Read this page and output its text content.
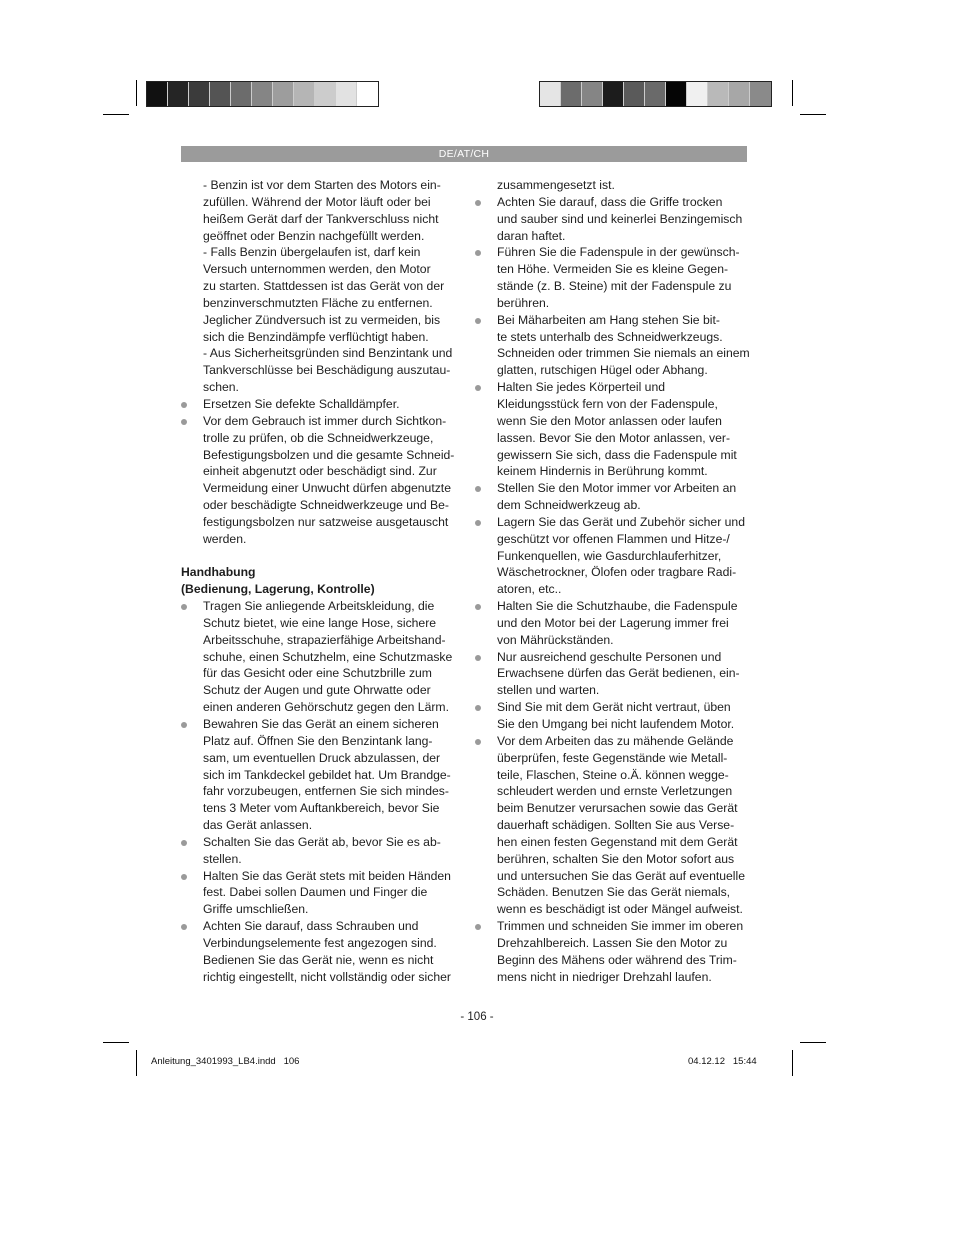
DE/AT/CH
- Benzin ist vor dem Starten des Motors ein-
zufüllen. Während der Motor läuft oder bei
heißem Gerät darf der Tankverschluss nicht
geöffnet oder Benzin nachgefüllt werden.
- Falls Benzin übergelaufen ist, darf kein
Versuch unternommen werden, den Motor
zu starten. Stattdessen ist das Gerät von der
benzinverschmutzten Fläche zu entfernen.
Jeglicher Zündversuch ist zu vermeiden, bis
sich die Benzindämpfe verflüchtigt haben.
- Aus Sicherheitsgründen sind Benzintank und
Tankverschlüsse bei Beschädigung auszutau-
schen.
Ersetzen Sie defekte Schalldämpfer.
Vor dem Gebrauch ist immer durch Sichtkon-
trolle zu prüfen, ob die Schneidwerkzeuge,
Befestigungsbolzen und die gesamte Schneid-
einheit abgenutzt oder beschädigt sind. Zur
Vermeidung einer Unwucht dürfen abgenutzte
oder beschädigte Schneidwerkzeuge und Be-
festigungsbolzen nur satzweise ausgetauscht
werden.

Handhabung
(Bedienung, Lagerung, Kontrolle)

Tragen Sie anliegende Arbeitskleidung, die
Schutz bietet, wie eine lange Hose, sichere
Arbeitsschuhe, strapazierfähige Arbeitshand-
schuhe, einen Schutzhelm, eine Schutzmaske
für das Gesicht oder eine Schutzbrille zum
Schutz der Augen und gute Ohrwatte oder
einen anderen Gehörschutz gegen den Lärm.
Bewahren Sie das Gerät an einem sicheren
Platz auf. Öffnen Sie den Benzintank lang-
sam, um eventuellen Druck abzulassen, der
sich im Tankdeckel gebildet hat. Um Brandge-
fahr vorzubeugen, entfernen Sie sich mindes-
tens 3 Meter vom Auftankbereich, bevor Sie
das Gerät anlassen.
Schalten Sie das Gerät ab, bevor Sie es ab-
stellen.
Halten Sie das Gerät stets mit beiden Händen
fest. Dabei sollen Daumen und Finger die
Griffe umschließen.
Achten Sie darauf, dass Schrauben und
Verbindungselemente fest angezogen sind.
Bedienen Sie das Gerät nie, wenn es nicht
richtig eingestellt, nicht vollständig oder sicher
zusammengesetzt ist.
Achten Sie darauf, dass die Griffe trocken
und sauber sind und keinerlei Benzingemisch
daran haftet.
Führen Sie die Fadenspule in der gewünsch-
ten Höhe. Vermeiden Sie es kleine Gegen-
stände (z. B. Steine) mit der Fadenspule zu
berühren.
Bei Mäharbeiten am Hang stehen Sie bit-
te stets unterhalb des Schneidwerkzeugs.
Schneiden oder trimmen Sie niemals an einem
glatten, rutschigen Hügel oder Abhang.
Halten Sie jedes Körperteil und
Kleidungsstück fern von der Fadenspule,
wenn Sie den Motor anlassen oder laufen
lassen. Bevor Sie den Motor anlassen, ver-
gewissern Sie sich, dass die Fadenspule mit
keinem Hindernis in Berührung kommt.
Stellen Sie den Motor immer vor Arbeiten an
dem Schneidwerkzeug ab.
Lagern Sie das Gerät und Zubehör sicher und
geschützt vor offenen Flammen und Hitze-/
Funkenquellen, wie Gasdurchlauferhitzer,
Wäschetrockner, Ölofen oder tragbare Radi-
atoren, etc..
Halten Sie die Schutzhaube, die Fadenspule
und den Motor bei der Lagerung immer frei
von Mährückständen.
Nur ausreichend geschulte Personen und
Erwachsene dürfen das Gerät bedienen, ein-
stellen und warten.
Sind Sie mit dem Gerät nicht vertraut, üben
Sie den Umgang bei nicht laufendem Motor.
Vor dem Arbeiten das zu mähende Gelände
überprüfen, feste Gegenstände wie Metall-
teile, Flaschen, Steine o.Ä. können wegge-
schleudert werden und ernste Verletzungen
beim Benutzer verursachen sowie das Gerät
dauerhaft schädigen. Sollten Sie aus Verse-
hen einen festen Gegenstand mit dem Gerät
berühren, schalten Sie den Motor sofort aus
und untersuchen Sie das Gerät auf eventuelle
Schäden. Benutzen Sie das Gerät niemals,
wenn es beschädigt ist oder Mängel aufweist.
Trimmen und schneiden Sie immer im oberen
Drehzahlbereich. Lassen Sie den Motor zu
Beginn des Mähens oder während des Trim-
mens nicht in niedriger Drehzahl laufen.
- 106 -
Anleitung_3401993_LB4.indd   106	04.12.12   15:44
